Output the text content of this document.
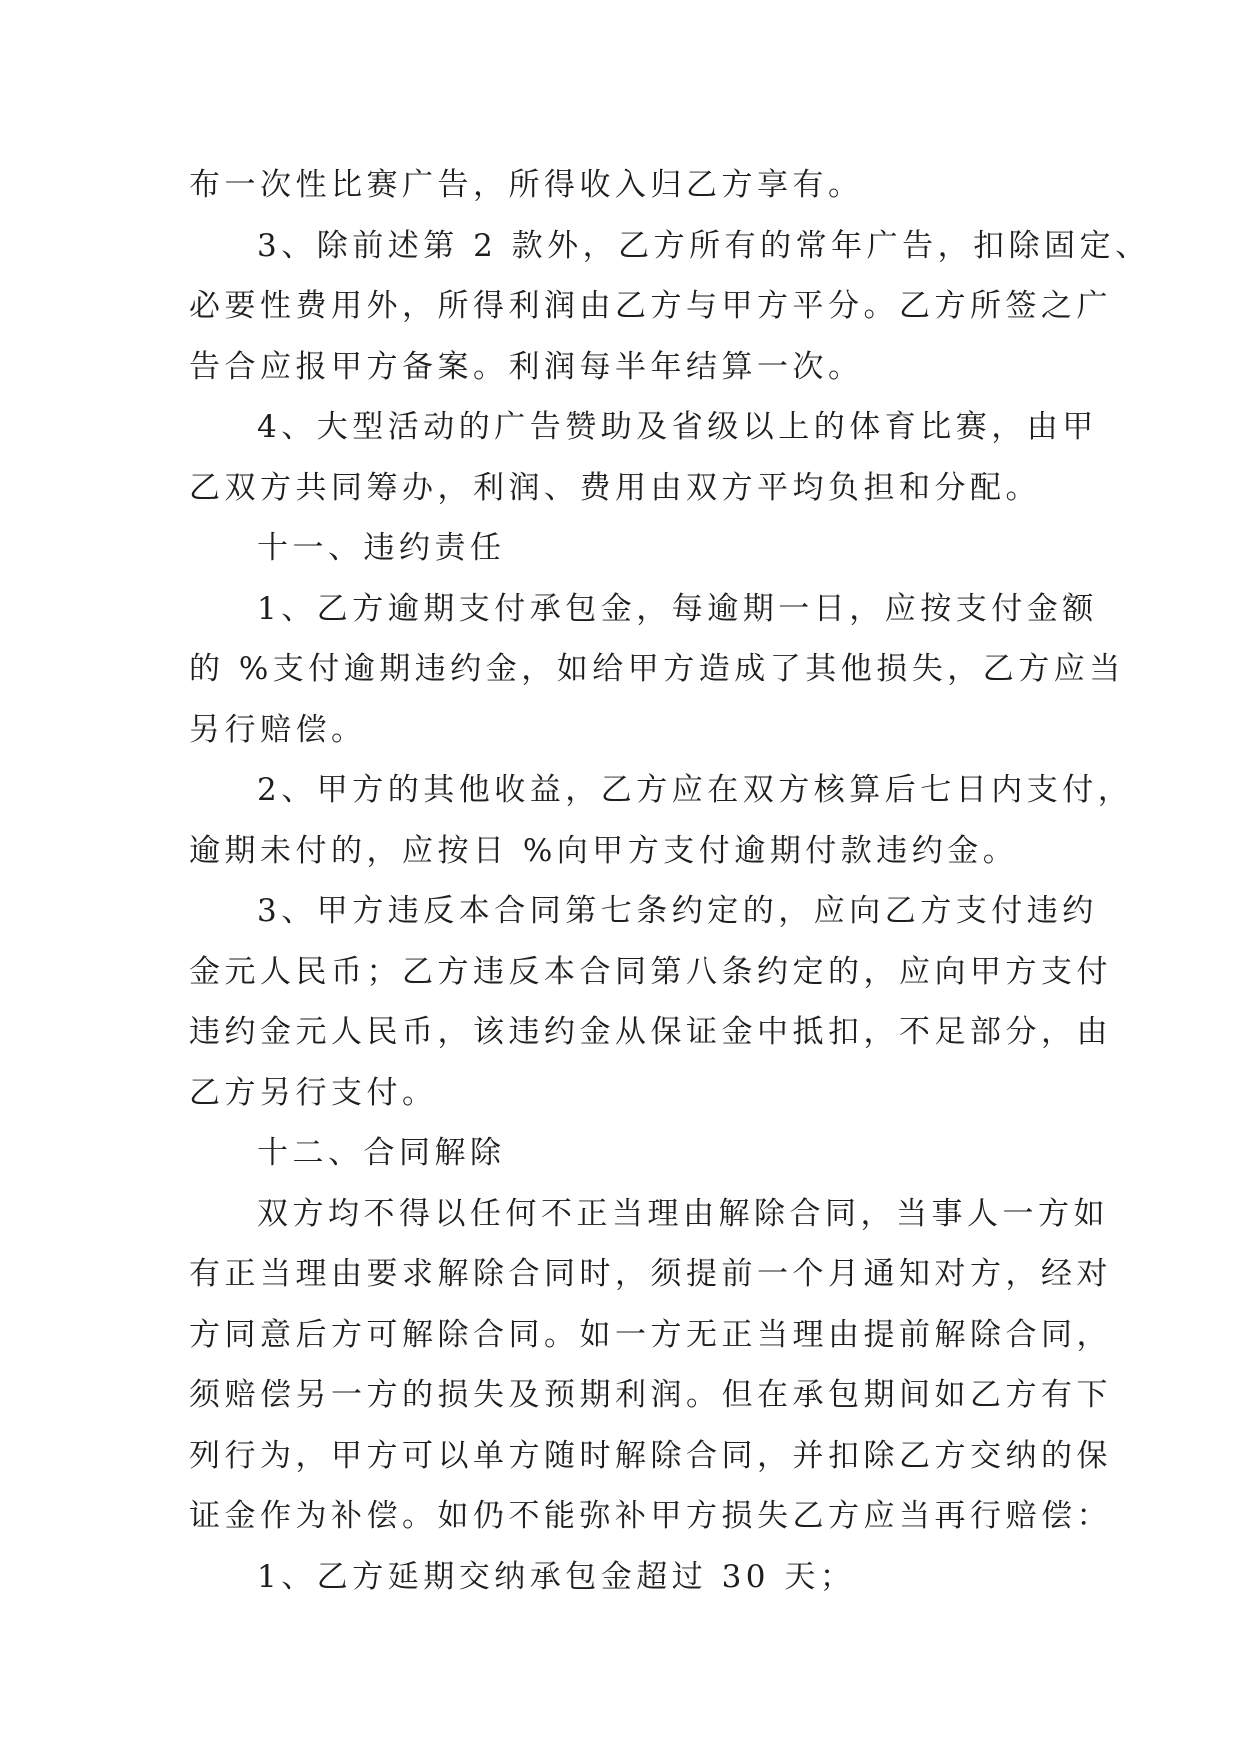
布一次性比赛广告，所得收入归乙方享有。
3、除前述第 2 款外，乙方所有的常年广告，扣除固定、
必要性费用外，所得利润由乙方与甲方平分。乙方所签之广
告合应报甲方备案。利润每半年结算一次。
4、大型活动的广告赞助及省级以上的体育比赛，由甲
乙双方共同筹办，利润、费用由双方平均负担和分配。
十一、违约责任
1、乙方逾期支付承包金，每逾期一日，应按支付金额
的 %支付逾期违约金，如给甲方造成了其他损失，乙方应当
另行赔偿。
2、甲方的其他收益，乙方应在双方核算后七日内支付，
逾期未付的，应按日 %向甲方支付逾期付款违约金。
3、甲方违反本合同第七条约定的，应向乙方支付违约
金元人民币；乙方违反本合同第八条约定的，应向甲方支付
违约金元人民币，该违约金从保证金中抵扣，不足部分，由
乙方另行支付。
十二、合同解除
双方均不得以任何不正当理由解除合同，当事人一方如
有正当理由要求解除合同时，须提前一个月通知对方，经对
方同意后方可解除合同。如一方无正当理由提前解除合同，
须赔偿另一方的损失及预期利润。但在承包期间如乙方有下
列行为，甲方可以单方随时解除合同，并扣除乙方交纳的保
证金作为补偿。如仍不能弥补甲方损失乙方应当再行赔偿：
1、乙方延期交纳承包金超过 30 天；
